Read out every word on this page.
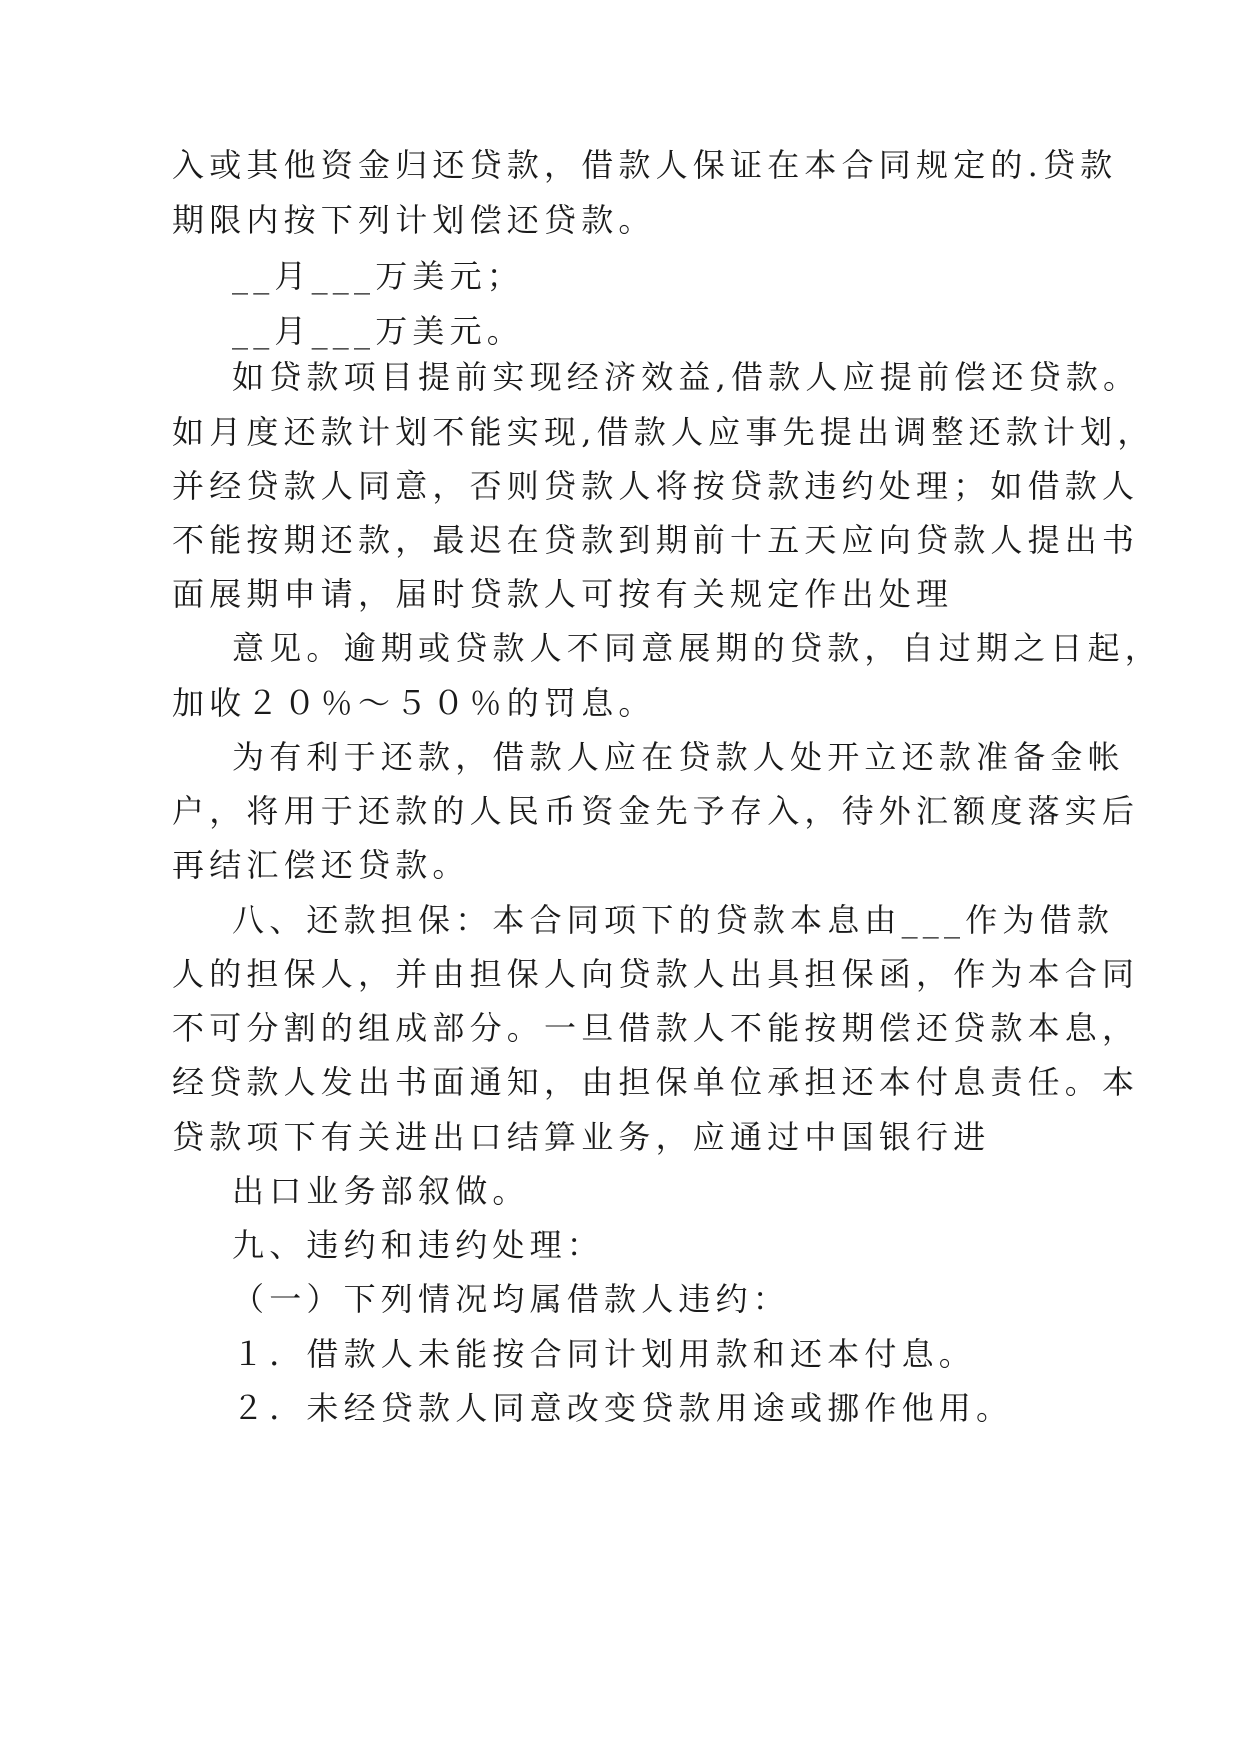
入或其他资金归还贷款，借款人保证在本合同规定的.贷款

期限内按下列计划偿还贷款。

__月___万美元；

__月___万美元。

如贷款项目提前实现经济效益,借款人应提前偿还贷款。

如月度还款计划不能实现,借款人应事先提出调整还款计划，

并经贷款人同意，否则贷款人将按贷款违约处理；如借款人

不能按期还款，最迟在贷款到期前十五天应向贷款人提出书

面展期申请，届时贷款人可按有关规定作出处理

意见。逾期或贷款人不同意展期的贷款，自过期之日起，

加收２０％～５０％的罚息。

为有利于还款，借款人应在贷款人处开立还款准备金帐

户，将用于还款的人民币资金先予存入，待外汇额度落实后

再结汇偿还贷款。

八、还款担保：本合同项下的贷款本息由___作为借款

人的担保人，并由担保人向贷款人出具担保函，作为本合同

不可分割的组成部分。一旦借款人不能按期偿还贷款本息，

经贷款人发出书面通知，由担保单位承担还本付息责任。本

贷款项下有关进出口结算业务，应通过中国银行进

出口业务部叙做。

九、违约和违约处理：

（一）下列情况均属借款人违约：

１．借款人未能按合同计划用款和还本付息。

２．未经贷款人同意改变贷款用途或挪作他用。
